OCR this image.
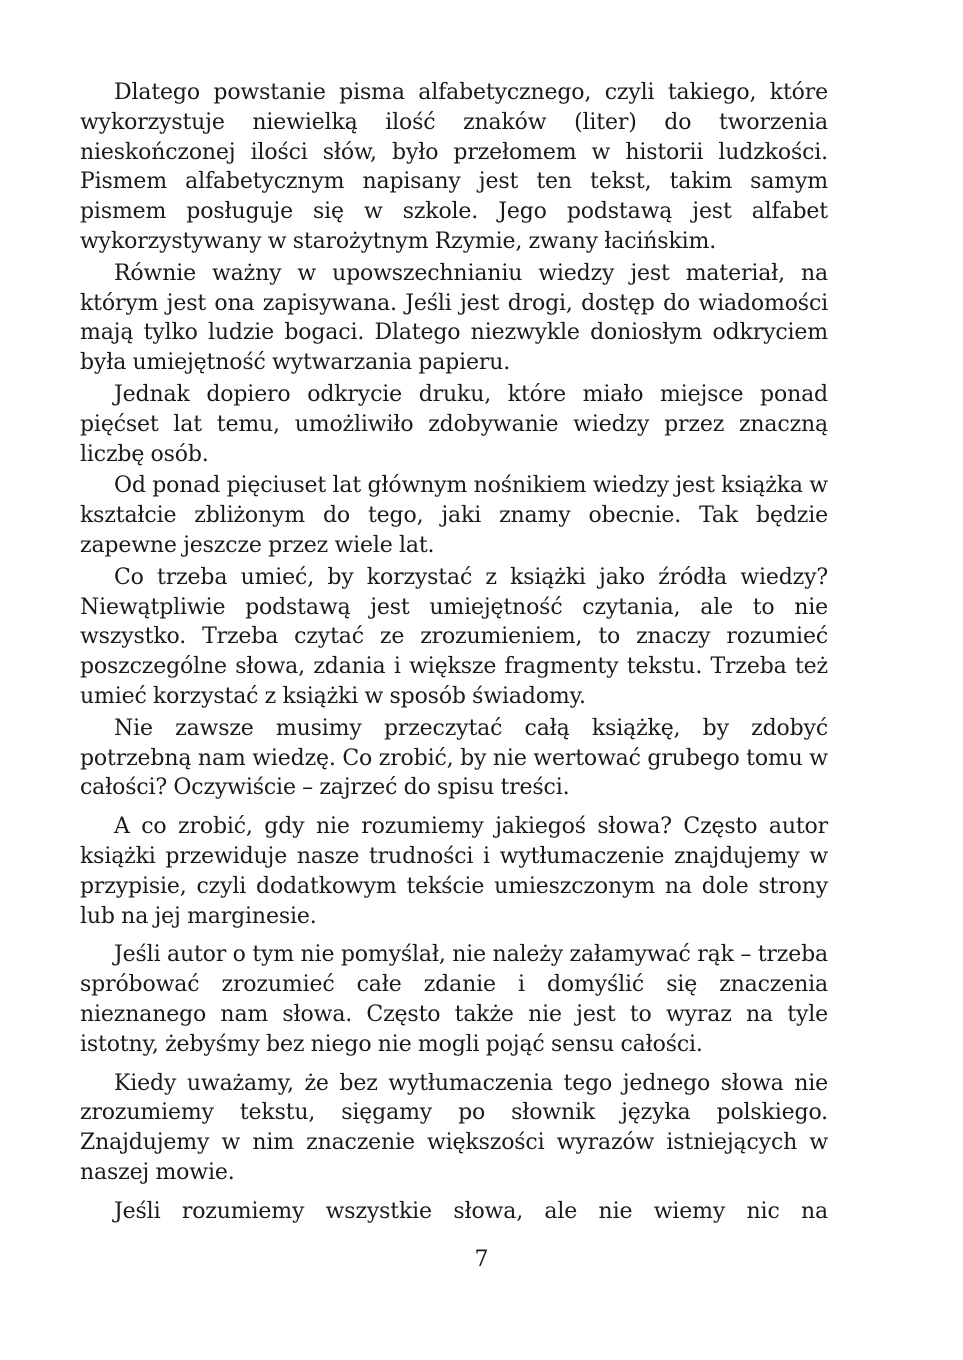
Dlatego powstanie pisma alfabetycznego, czyli takiego, które wykorzystuje niewielką ilość znaków (liter) do tworzenia nieskończonej ilości słów, było przełomem w historii ludzkości. Pismem alfabetycznym napisany jest ten tekst, takim samym pismem posługuje się w szkole. Jego podstawą jest alfabet wykorzystywany w starożytnym Rzymie, zwany łacińskim.

Równie ważny w upowszechnianiu wiedzy jest materiał, na którym jest ona zapisywana. Jeśli jest drogi, dostęp do wiadomości mają tylko ludzie bogaci. Dlatego niezwykle doniosłym odkryciem była umiejętność wytwarzania papieru.

Jednak dopiero odkrycie druku, które miało miejsce ponad pięćset lat temu, umożliwiło zdobywanie wiedzy przez znaczną liczbę osób.

Od ponad pięciuset lat głównym nośnikiem wiedzy jest książka w kształcie zbliżonym do tego, jaki znamy obecnie. Tak będzie zapewne jeszcze przez wiele lat.

Co trzeba umieć, by korzystać z książki jako źródła wiedzy? Niewątpliwie podstawą jest umiejętność czytania, ale to nie wszystko. Trzeba czytać ze zrozumieniem, to znaczy rozumieć poszczególne słowa, zdania i większe fragmenty tekstu. Trzeba też umieć korzystać z książki w sposób świadomy.

Nie zawsze musimy przeczytać całą książkę, by zdobyć potrzebną nam wiedzę. Co zrobić, by nie wertować grubego tomu w całości? Oczywiście – zajrzeć do spisu treści.

A co zrobić, gdy nie rozumiemy jakiegoś słowa? Często autor książki przewiduje nasze trudności i wytłumaczenie znajdujemy w przypisie, czyli dodatkowym tekście umieszczonym na dole strony lub na jej marginesie.

Jeśli autor o tym nie pomyślał, nie należy załamywać rąk – trzeba spróbować zrozumieć całe zdanie i domyślić się znaczenia nieznanego nam słowa. Często także nie jest to wyraz na tyle istotny, żebyśmy bez niego nie mogli pojąć sensu całości.

Kiedy uważamy, że bez wytłumaczenia tego jednego słowa nie zrozumiemy tekstu, sięgamy po słownik języka polskiego. Znajdujemy w nim znaczenie większości wyrazów istniejących w naszej mowie.

Jeśli rozumiemy wszystkie słowa, ale nie wiemy nic na

7
